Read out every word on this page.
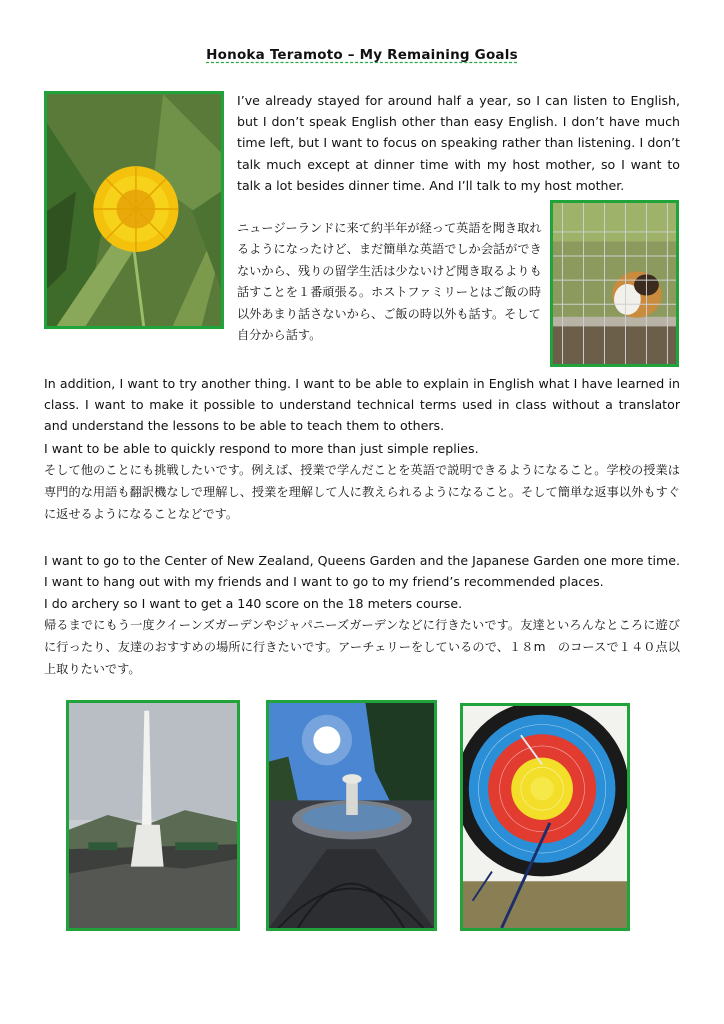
Honoka Teramoto – My Remaining Goals
I’ve already stayed for around half a year, so I can listen to English, but I don’t speak English other than easy English. I don’t have much time left, but I want to focus on speaking rather than listening. I don’t talk much except at dinner time with my host mother, so I want to talk a lot besides dinner time. And I’ll talk to my host mother.
ニュージーランドに来て約半年が経って英語を聞き取れるようになったけど、まだ簡単な英語でしか会話ができないから、残りの留学生活は少ないけど聞き取るよりも話すことを１番頑張る。ホストファミリーとはご飯の時以外あまり話さないから、ご飯の時以外も話す。そして自分から話す。
In addition, I want to try another thing. I want to be able to explain in English what I have learned in class. I want to make it possible to understand technical terms used in class without a translator and understand the lessons to be able to teach them to others.
I want to be able to quickly respond to more than just simple replies.
そして他のことにも挑戦したいです。例えば、授業で学んだことを英語で説明できるようになること。学校の授業は専門的な用語も翻訳機なしで理解し、授業を理解して人に教えられるようになること。そして簡単な返事以外もすぐに返せるようになることなどです。
I want to go to the Center of New Zealand, Queens Garden and the Japanese Garden one more time. I want to hang out with my friends and I want to go to my friend’s recommended places.
I do archery so I want to get a 140 score on the 18 meters course.
帰るまでにもう一度クイーンズガーデンやジャパニーズガーデンなどに行きたいです。友達といろんなところに遊びに行ったり、友達のおすすめの場所に行きたいです。アーチェリーをしているので、１８m　のコースで１４０点以上取りたいです。
